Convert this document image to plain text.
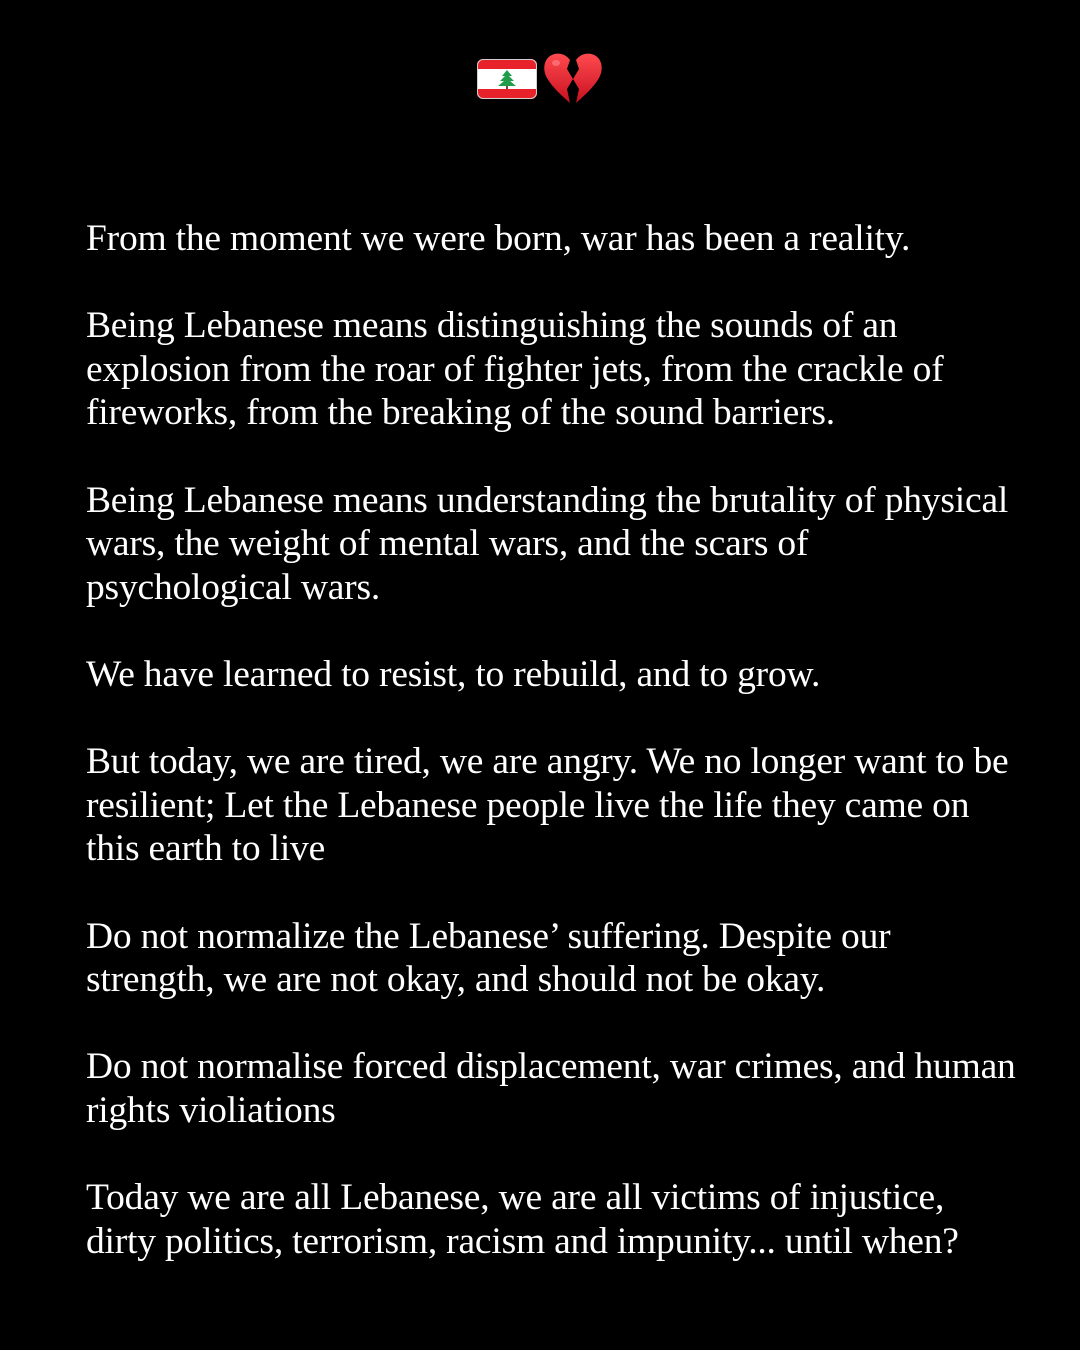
From the moment we were born, war has been a reality.

Being Lebanese means distinguishing the sounds of an explosion from the roar of fighter jets, from the crackle of fireworks, from the breaking of the sound barriers.

Being Lebanese means understanding the brutality of physical wars, the weight of mental wars, and the scars of psychological wars.

We have learned to resist, to rebuild, and to grow.

But today, we are tired, we are angry. We no longer want to be resilient; Let the Lebanese people live the life they came on this earth to live

Do not normalize the Lebanese’ suffering. Despite our strength, we are not okay, and should not be okay.

Do not normalise forced displacement, war crimes, and human rights violiations

Today we are all Lebanese, we are all victims of injustice, dirty politics, terrorism, racism and impunity... until when?
